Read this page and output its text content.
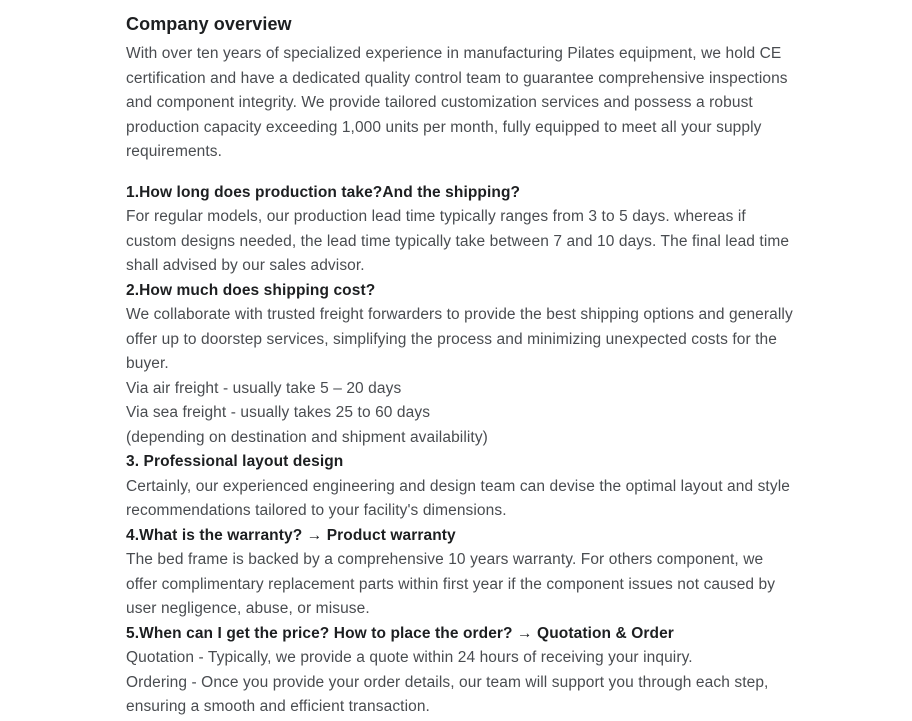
Company overview

With over ten years of specialized experience in manufacturing Pilates equipment, we hold CE certification and have a dedicated quality control team to guarantee comprehensive inspections and component integrity. We provide tailored customization services and possess a robust production capacity exceeding 1,000 units per month, fully equipped to meet all your supply requirements.

1.How long does production take?And the shipping?

For regular models, our production lead time typically ranges from 3 to 5 days. whereas if custom designs needed, the lead time typically take between 7 and 10 days. The final lead time shall advised by our sales advisor.

2.How much does shipping cost?

We collaborate with trusted freight forwarders to provide the best shipping options and generally offer up to doorstep services, simplifying the process and minimizing unexpected costs for the buyer.

Via air freight - usually take 5 – 20 days

Via sea freight - usually takes 25 to 60 days

(depending on destination and shipment availability)

3. Professional layout design

Certainly, our experienced engineering and design team can devise the optimal layout and style recommendations tailored to your facility's dimensions.

4.What is the warranty? → Product warranty

The bed frame is backed by a comprehensive 10 years warranty. For others component, we offer complimentary replacement parts within first year if the component issues not caused by user negligence, abuse, or misuse.

5.When can I get the price? How to place the order? → Quotation & Order

Quotation - Typically, we provide a quote within 24 hours of receiving your inquiry.

Ordering - Once you provide your order details, our team will support you through each step, ensuring a smooth and efficient transaction.
